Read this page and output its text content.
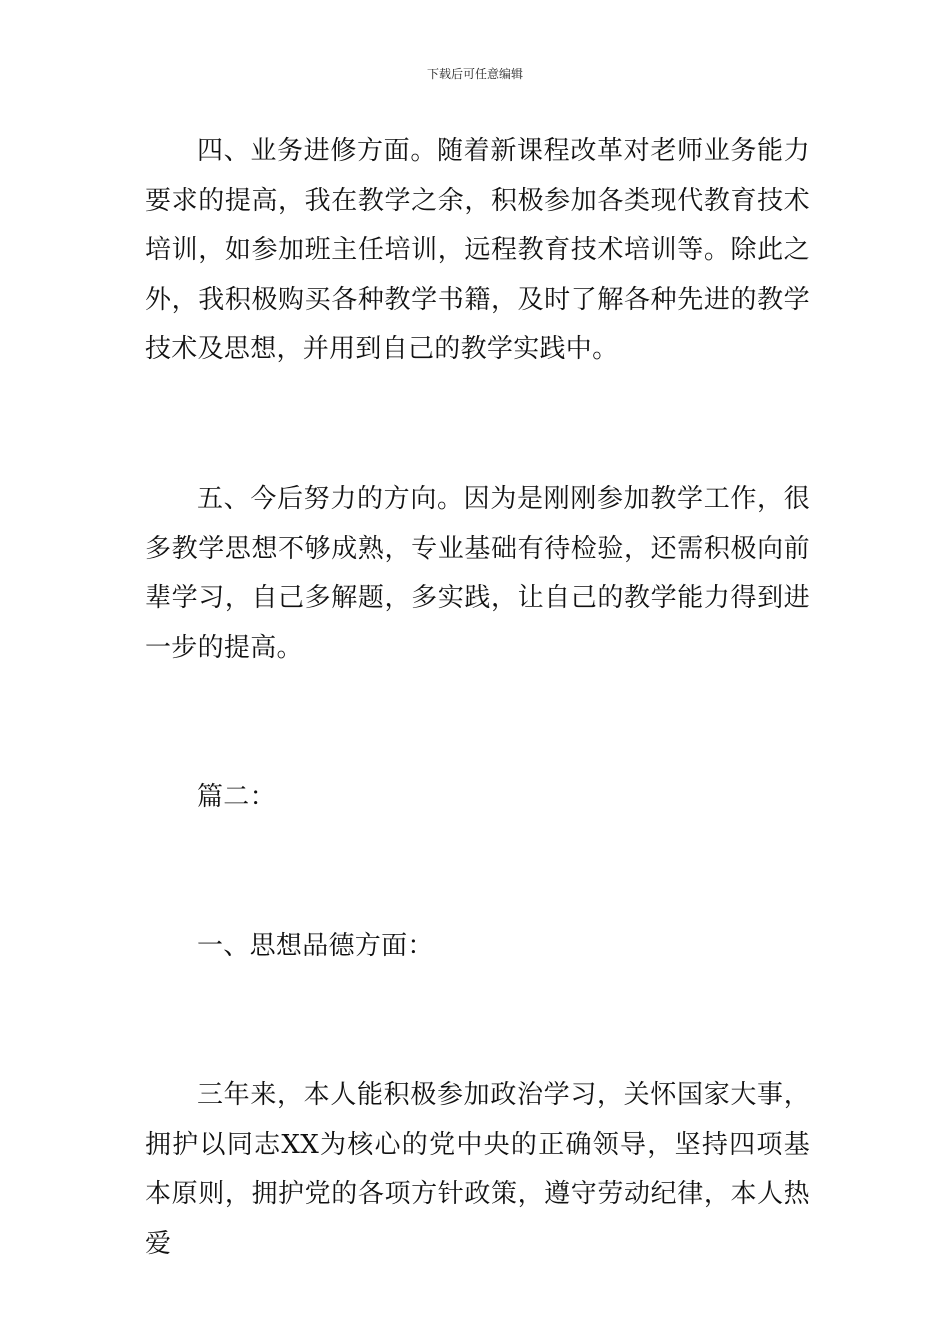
下载后可任意编辑

四、业务进修方面。随着新课程改革对老师业务能力要求的提高，我在教学之余，积极参加各类现代教育技术培训，如参加班主任培训，远程教育技术培训等。除此之外，我积极购买各种教学书籍，及时了解各种先进的教学技术及思想，并用到自己的教学实践中。

五、今后努力的方向。因为是刚刚参加教学工作，很多教学思想不够成熟，专业基础有待检验，还需积极向前辈学习，自己多解题，多实践，让自己的教学能力得到进一步的提高。

篇二：

一、思想品德方面：

三年来，本人能积极参加政治学习，关怀国家大事，拥护以同志XX为核心的党中央的正确领导，坚持四项基本原则，拥护党的各项方针政策，遵守劳动纪律，本人热爱
